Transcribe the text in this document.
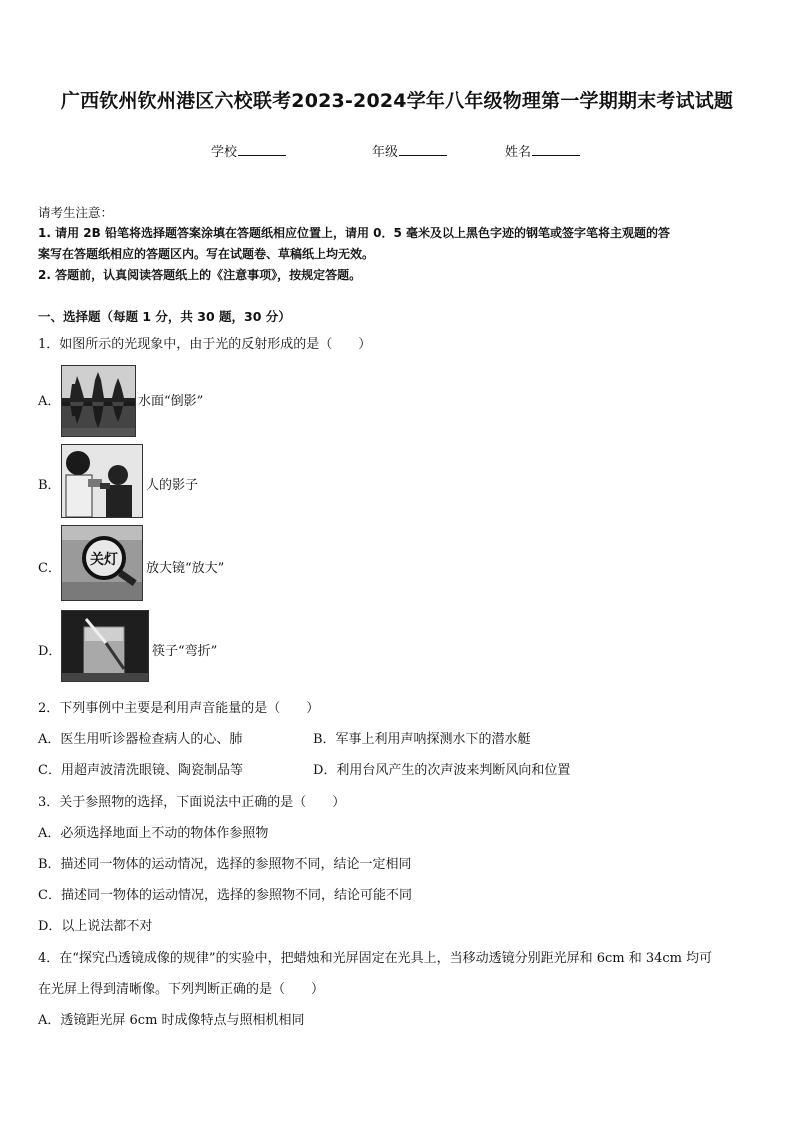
广西钦州钦州港区六校联考2023-2024学年八年级物理第一学期期末考试试题
学校	年级	姓名
请考生注意：
1. 请用 2B 铅笔将选择题答案涂填在答题纸相应位置上，请用 0．5 毫米及以上黑色字迹的钢笔或签字笔将主观题的答
案写在答题纸相应的答题区内。写在试题卷、草稿纸上均无效。
2. 答题前，认真阅读答题纸上的《注意事项》，按规定答题。
一、选择题（每题 1 分，共 30 题，30 分）
1．如图所示的光现象中，由于光的反射形成的是（　　）
A．	水面“倒影”
B．	人的影子
C．
关灯
放大镜“放大”
D．	筷子“弯折”
2．下列事例中主要是利用声音能量的是（　　）
A．医生用听诊器检查病人的心、肺	B．军事上利用声呐探测水下的潜水艇
C．用超声波清洗眼镜、陶瓷制品等	D．利用台风产生的次声波来判断风向和位置
3．关于参照物的选择，下面说法中正确的是（　　）
A．必须选择地面上不动的物体作参照物
B．描述同一物体的运动情况，选择的参照物不同，结论一定相同
C．描述同一物体的运动情况，选择的参照物不同，结论可能不同
D．以上说法都不对
4．在“探究凸透镜成像的规律”的实验中，把蜡烛和光屏固定在光具上，当移动透镜分别距光屏和 6cm 和 34cm 均可
在光屏上得到清晰像。下列判断正确的是（　　）
A．透镜距光屏 6cm 时成像特点与照相机相同
